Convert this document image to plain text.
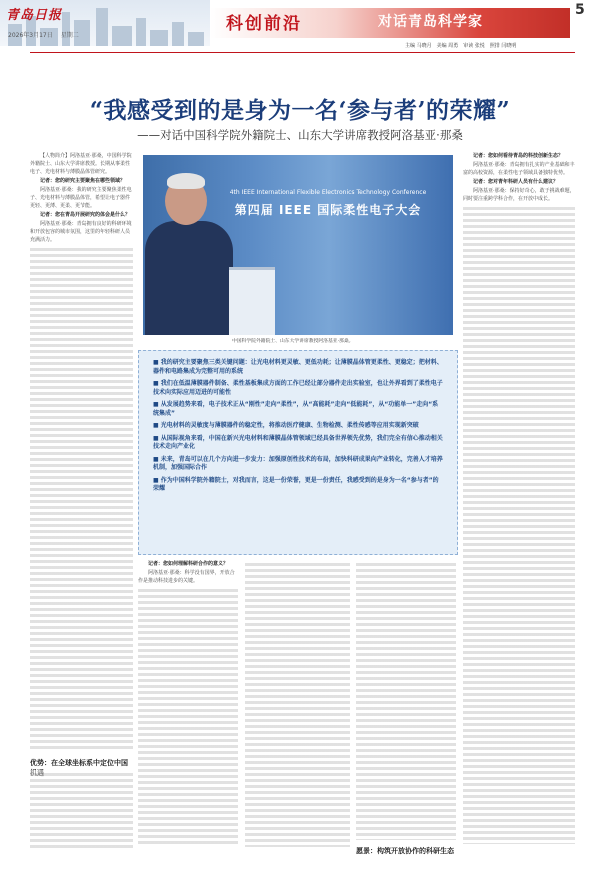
青岛日报
2026年3月17日 星期二
科创前沿	对话青岛科学家
5
主编 马晓月 美编 周勇 审读 张悦 照排 闫晓明
“我感受到的是身为一名‘参与者’的荣耀”
——对话中国科学院外籍院士、山东大学讲席教授阿洛基亚·那桑

【人物简介】阿洛基亚·那桑，中国科学院外籍院士、山东大学讲席教授。长期从事柔性电子、光电材料与薄膜晶体管研究。

记者：您的研究主要聚焦在哪些领域？

阿洛基亚·那桑：我的研究主要聚焦柔性电子、光电材料与薄膜晶体管，希望让电子器件更轻、更薄、更柔、更节能。

记者：您在青岛开展研究的体会是什么？

阿洛基亚·那桑：青岛拥有良好的科研环境和开放包容的城市氛围，这里的年轻科研人员充满活力。

优势：在全球坐标系中定位中国
4th IEEE International Flexible Electronics Technology Conference
第四届 IEEE 国际柔性电子大会
中国科学院外籍院士、山东大学讲席教授阿洛基亚·那桑。
■ 我的研究主要聚焦三类关键问题：让光电材料更灵敏、更低功耗；让薄膜晶体管更柔性、更稳定；把材料、器件和电路集成为完整可用的系统
■ 我们在低温薄膜器件制备、柔性基板集成方面的工作已经让部分器件走出实验室，也让外界看到了柔性电子技术向实际应用迈进的可能性
■ 从发展趋势来看，电子技术正从“刚性”走向“柔性”，从“高能耗”走向“低能耗”，从“功能单一”走向“系统集成”
■ 光电材料的灵敏度与薄膜器件的稳定性，将推动医疗健康、生物检测、柔性传感等应用实现新突破
■ 从国际视角来看，中国在新兴光电材料和薄膜晶体管领域已经具备世界领先优势，我们完全有信心推动相关技术走向产业化
■ 未来，青岛可以在几个方向进一步发力：加强原创性技术的布局，加快科研成果向产业转化，完善人才培养机制，加强国际合作
■ 作为中国科学院外籍院士，对我而言，这是一份荣誉，更是一份责任，我感受到的是身为一名“参与者”的荣耀

记者：您如何看待青岛的科技创新生态？

阿洛基亚·那桑：青岛拥有扎实的产业基础和丰富的高校资源，在柔性电子领域具备独特优势。

记者：您对青年科研人员有什么建议？

阿洛基亚·那桑：保持好奇心，敢于挑战难题，同时要注重跨学科合作，在开放中成长。

记者：您如何理解科研合作的意义？

阿洛基亚·那桑：科学没有国界，开放合作是推动科技进步的关键。

愿景：构筑开放协作的科研生态
